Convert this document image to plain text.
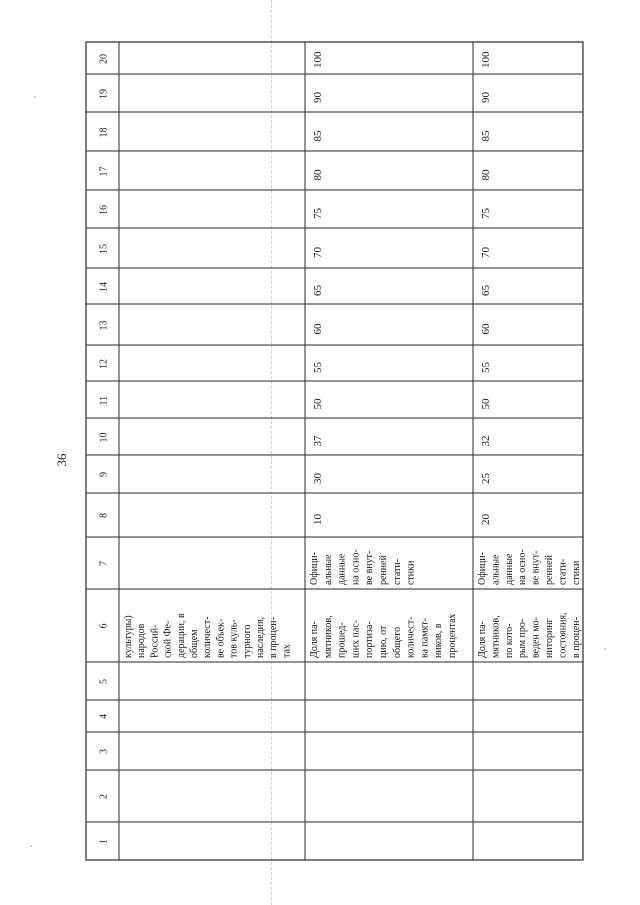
36
1
2
3
4
5
6
7
8
9
10
11
12
13
14
15
16
17
18
19
20
культуры) народов Россий- ской Фе- дерации, в общем количест- ве объек- тов куль- турного наследия, в процен- тах Доля па- мятников, прошед- ших пас- портиза- цию, от общего количест- ва памят- ников, в процентах
Офици- альные данные на осно- ве внут- ренней стати- стики
10
30
37
50
55
60
65
70
75
80
85
90
100
Доля па- мятников, по кото- рым про- веден мо- ниторинг состояния, в процен-
Офици- альные данные на осно- ве внут- ренней стати- стики
20
25
32
50
55
60
65
70
75
80
85
90
100
